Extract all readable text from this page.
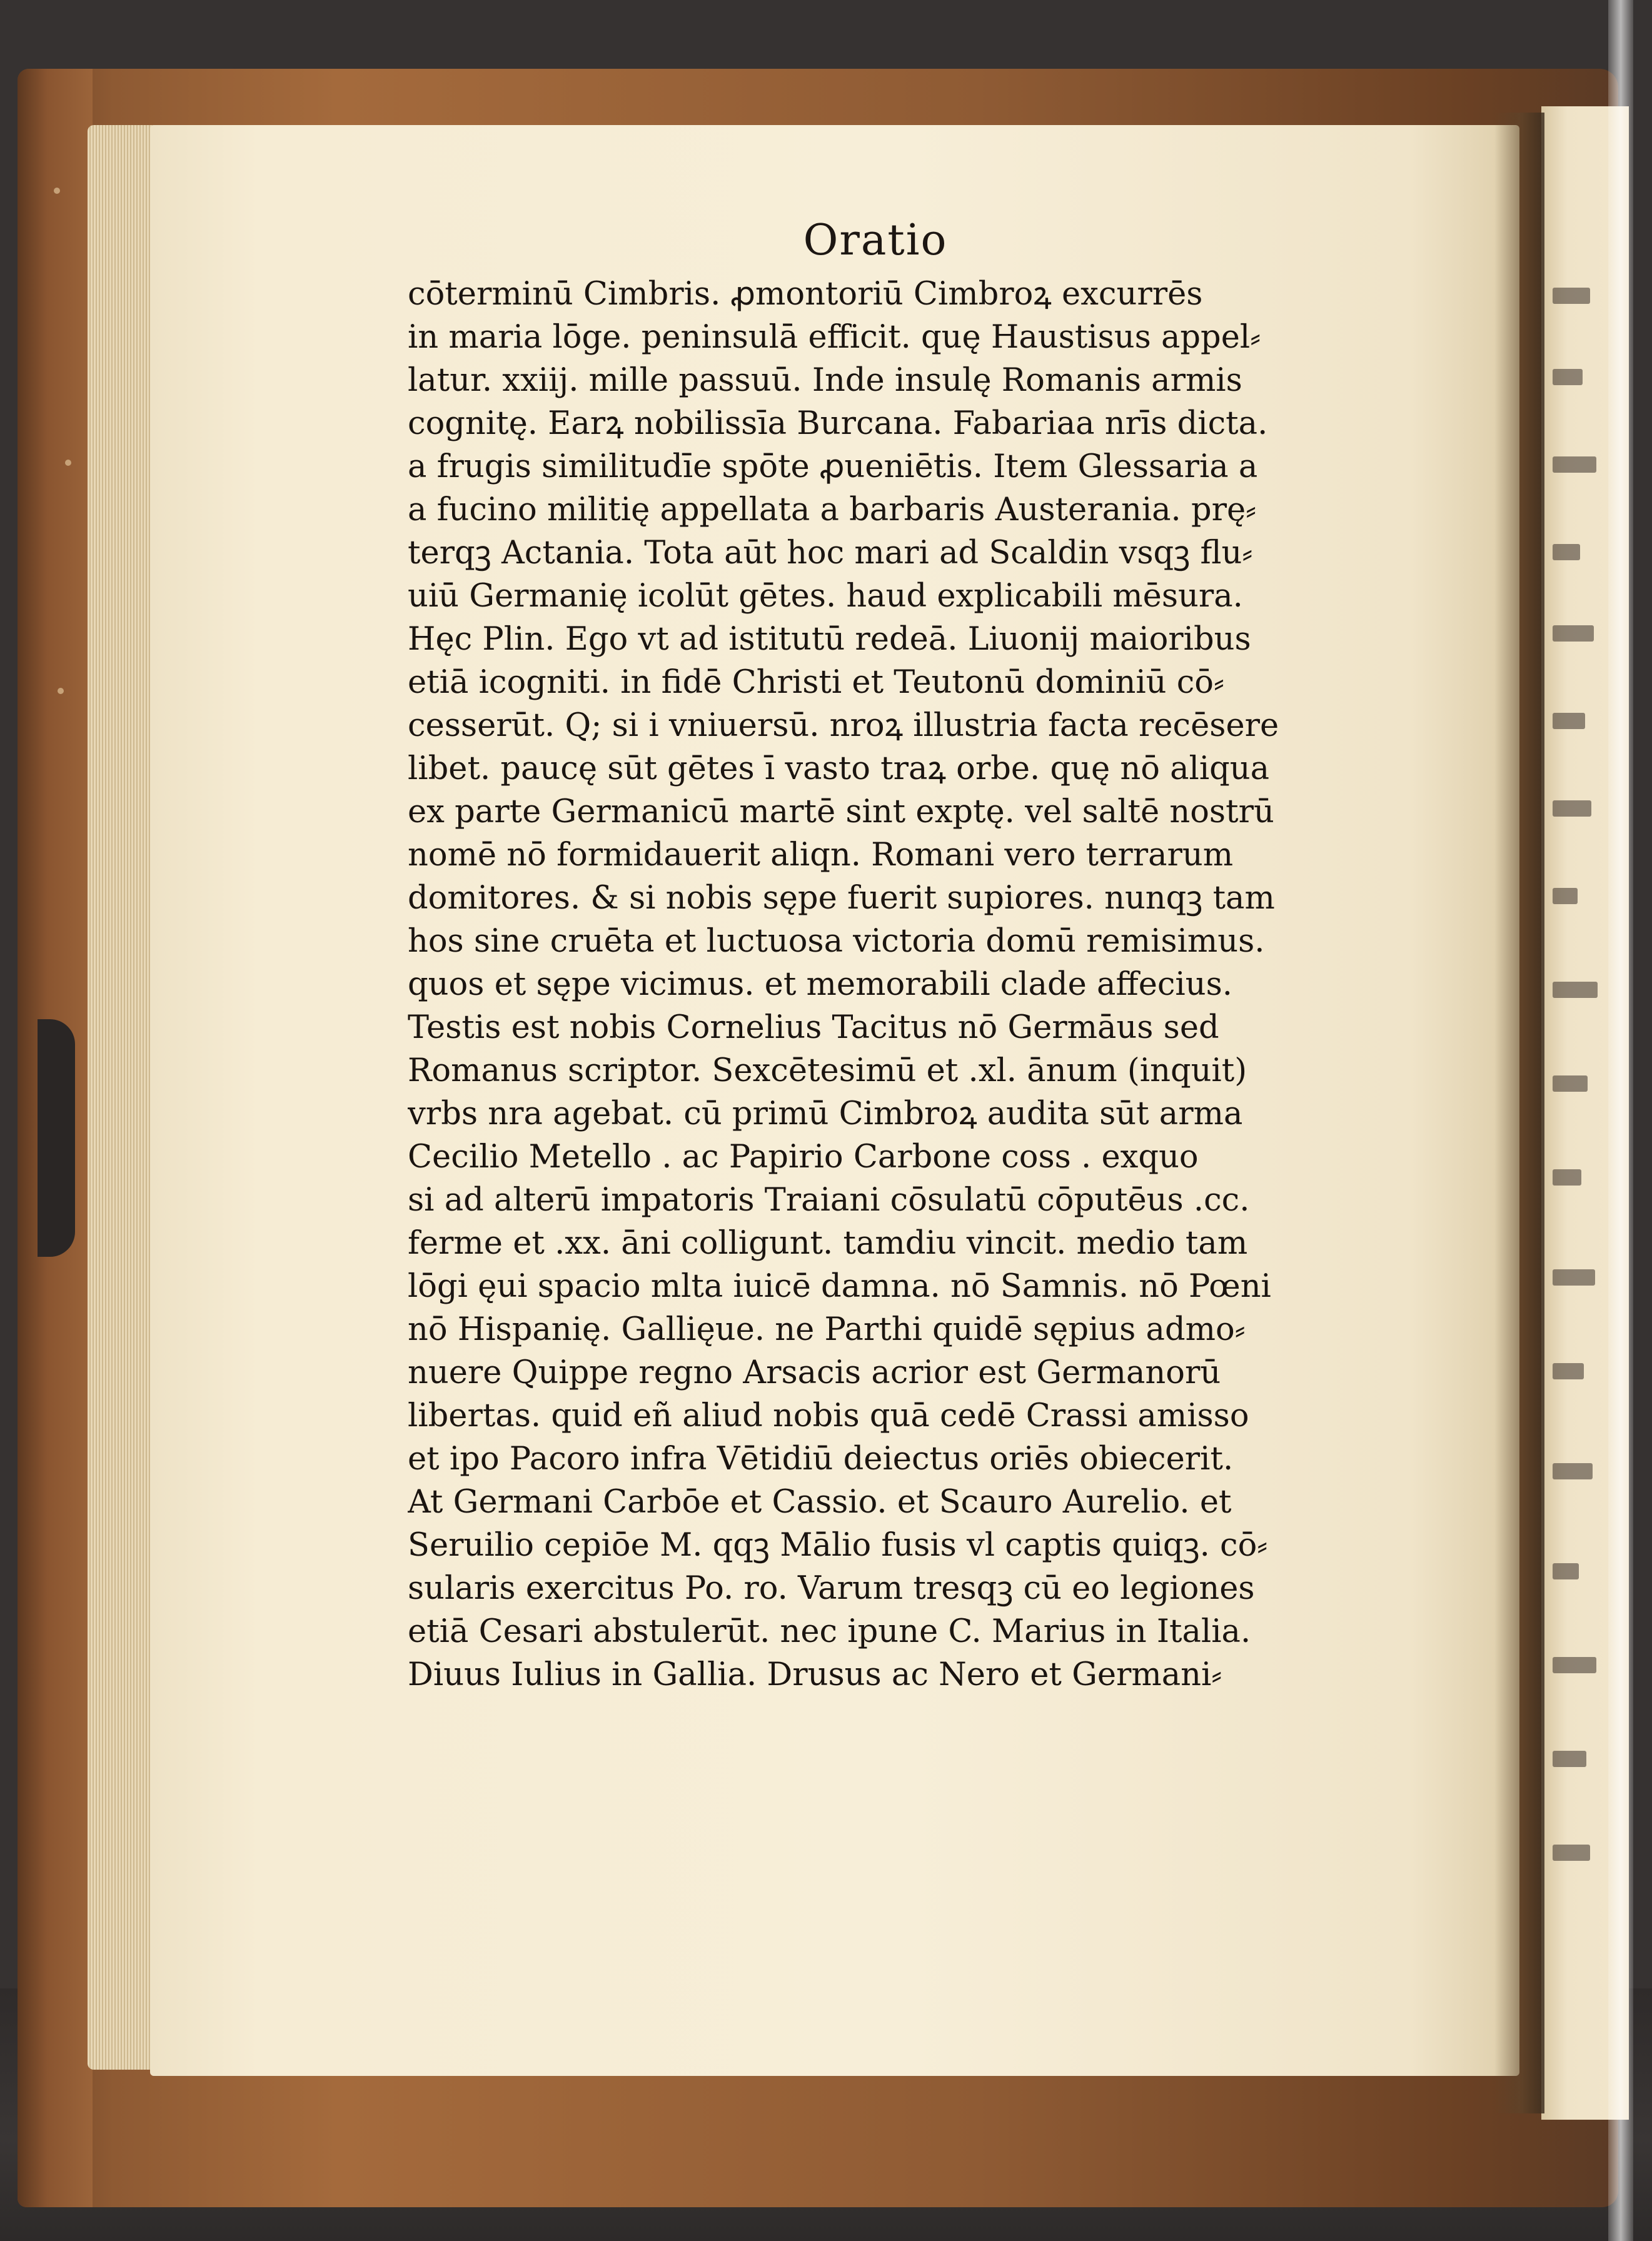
Oratio
cōterminū Cimbris. ꝓmontoriū Cimbroꝝ excurrēs
in maria lōge. peninsulā efficit. quę Haustisus appel⸗
latur. xxiij. mille passuū. Inde insulę Romanis armis
cognitę. Earꝝ nobilissīa Burcana. Fabariaa nrīs dicta.
a frugis similitudīe spōte ꝓueniētis. Item Glessaria a
a fucino militię appellata a barbaris Austerania. prę⸗
terqꝫ Actania. Tota aūt hoc mari ad Scaldin vsqꝫ flu⸗
uiū Germanię icolūt gētes. haud explicabili mēsura.
Hęc Plin. Ego vt ad istitutū redeā. Liuonij maioribus
etiā icogniti. in fidē Christi et Teutonū dominiū cō⸗
cesserūt. Q; si i vniuersū. nroꝝ illustria facta recēsere
libet. paucę sūt gētes ī vasto traꝝ orbe. quę nō aliqua
ex parte Germanicū martē sint exptę. vel saltē nostrū
nomē nō formidauerit aliqn. Romani vero terrarum
domitores. & si nobis sępe fuerit supiores. nunqꝫ tam
hos sine cruēta et luctuosa victoria domū remisimus.
quos et sępe vicimus. et memorabili clade affecius.
Testis est nobis Cornelius Tacitus nō Germāus sed
Romanus scriptor. Sexcētesimū et .xl. ānum (inquit)
vrbs nra agebat. cū primū Cimbroꝝ audita sūt arma
Cecilio Metello . ac Papirio Carbone coss . exquo
si ad alterū impatoris Traiani cōsulatū cōputēus .cc.
ferme et .xx. āni colligunt. tamdiu vincit. medio tam
lōgi ęui spacio mlta iuicē damna. nō Samnis. nō Pœni
nō Hispanię. Gallięue. ne Parthi quidē sępius admo⸗
nuere Quippe regno Arsacis acrior est Germanorū
libertas. quid eñ aliud nobis quā cedē Crassi amisso
et ipo Pacoro infra Vētidiū deiectus oriēs obiecerit.
At Germani Carbōe et Cassio. et Scauro Aurelio. et
Seruilio cepiōe M. qqꝫ Mālio fusis vl captis quiqꝫ. cō⸗
sularis exercitus Po. ro. Varum tresqꝫ cū eo legiones
etiā Cesari abstulerūt. nec ipune C. Marius in Italia.
Diuus Iulius in Gallia. Drusus ac Nero et Germani⸗
